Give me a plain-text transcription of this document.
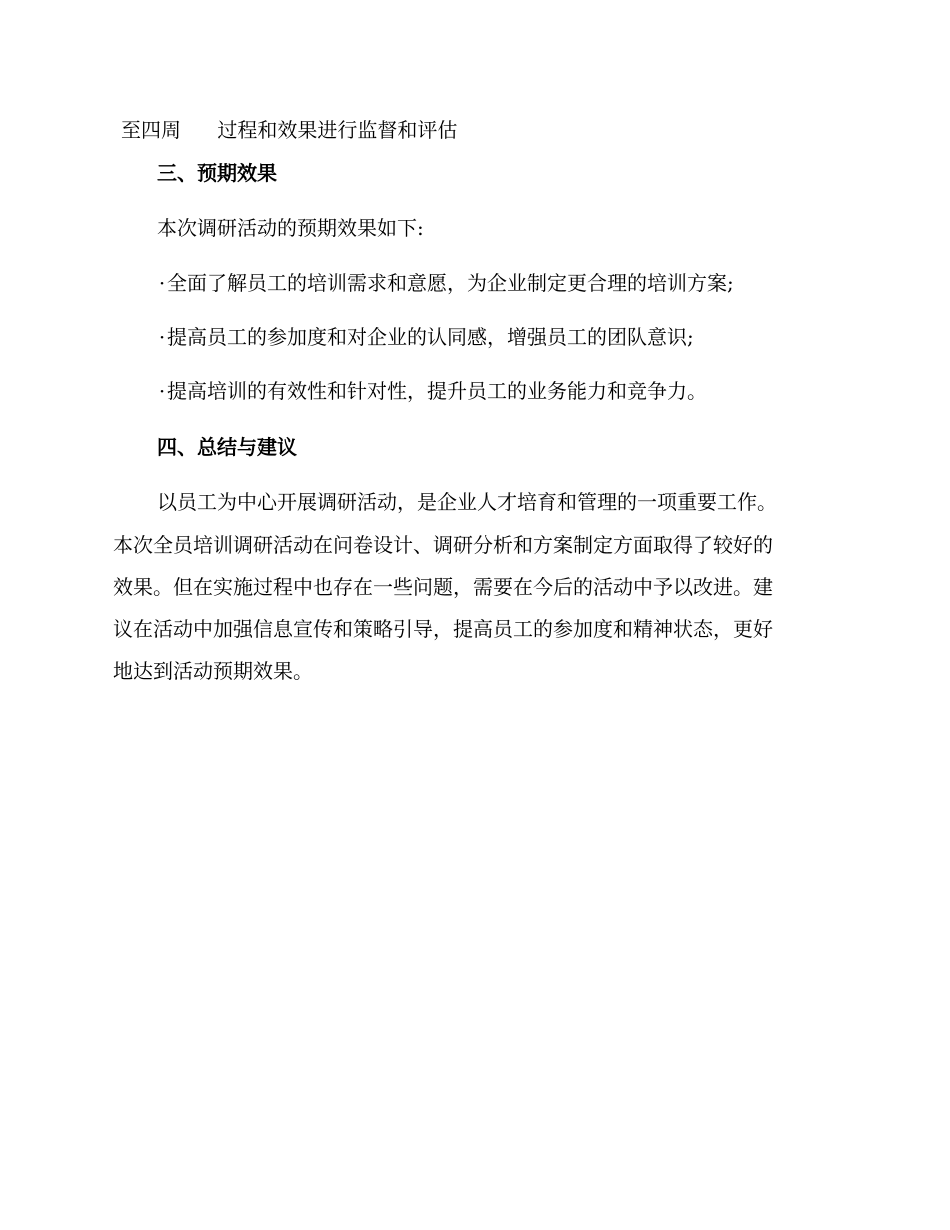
至四周 过程和效果进行监督和评估
三、预期效果
本次调研活动的预期效果如下:
·全面了解员工的培训需求和意愿，为企业制定更合理的培训方案;
·提高员工的参加度和对企业的认同感，增强员工的团队意识;
·提高培训的有效性和针对性，提升员工的业务能力和竞争力。
四、总结与建议
以员工为中心开展调研活动，是企业人才培育和管理的一项重要工作。
本次全员培训调研活动在问卷设计、调研分析和方案制定方面取得了较好的
效果。但在实施过程中也存在一些问题，需要在今后的活动中予以改进。建
议在活动中加强信息宣传和策略引导，提高员工的参加度和精神状态，更好
地达到活动预期效果。
